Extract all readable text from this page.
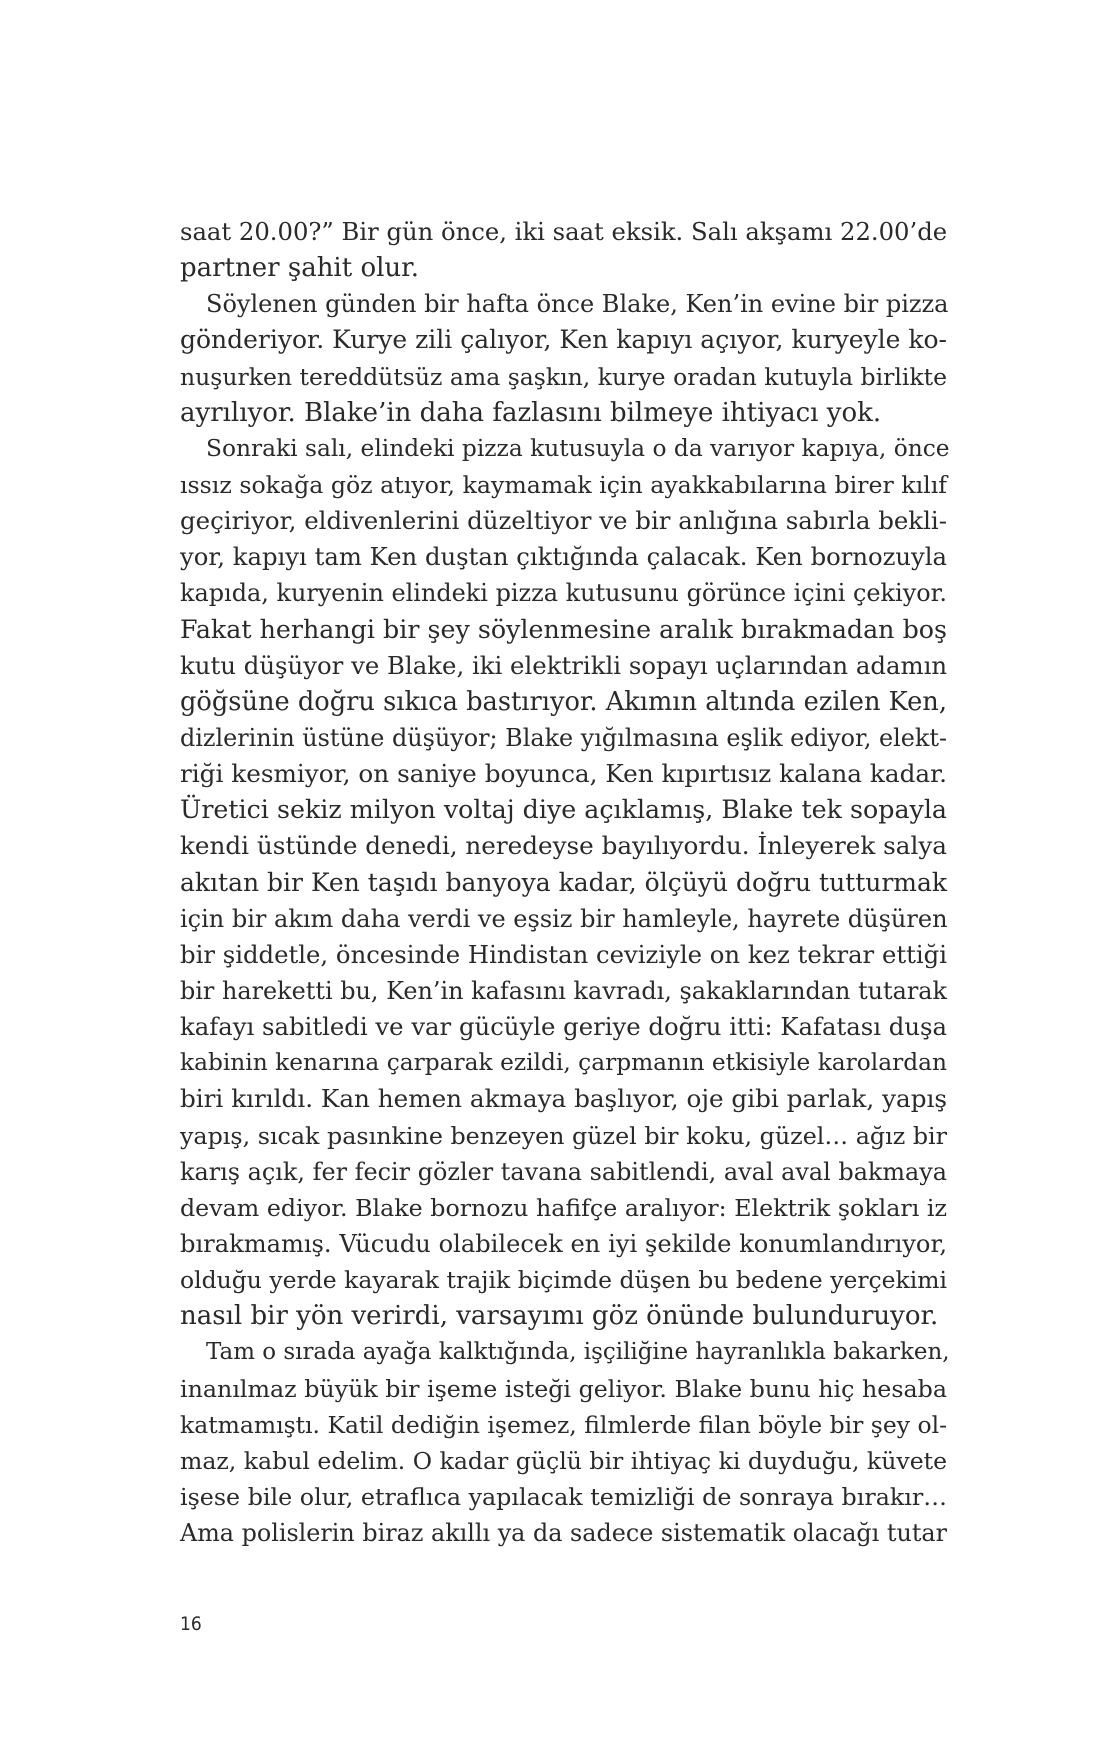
saat 20.00?” Bir gün önce, iki saat eksik. Salı akşamı 22.00’de
partner şahit olur.
Söylenen günden bir hafta önce Blake, Ken’in evine bir pizza
gönderiyor. Kurye zili çalıyor, Ken kapıyı açıyor, kuryeyle ko-
nuşurken tereddütsüz ama şaşkın, kurye oradan kutuyla birlikte
ayrılıyor. Blake’in daha fazlasını bilmeye ihtiyacı yok.
Sonraki salı, elindeki pizza kutusuyla o da varıyor kapıya, önce
ıssız sokağa göz atıyor, kaymamak için ayakkabılarına birer kılıf
geçiriyor, eldivenlerini düzeltiyor ve bir anlığına sabırla bekli-
yor, kapıyı tam Ken duştan çıktığında çalacak. Ken bornozuyla
kapıda, kuryenin elindeki pizza kutusunu görünce içini çekiyor.
Fakat herhangi bir şey söylenmesine aralık bırakmadan boş
kutu düşüyor ve Blake, iki elektrikli sopayı uçlarından adamın
göğsüne doğru sıkıca bastırıyor. Akımın altında ezilen Ken,
dizlerinin üstüne düşüyor; Blake yığılmasına eşlik ediyor, elekt-
riği kesmiyor, on saniye boyunca, Ken kıpırtısız kalana kadar.
Üretici sekiz milyon voltaj diye açıklamış, Blake tek sopayla
kendi üstünde denedi, neredeyse bayılıyordu. İnleyerek salya
akıtan bir Ken taşıdı banyoya kadar, ölçüyü doğru tutturmak
için bir akım daha verdi ve eşsiz bir hamleyle, hayrete düşüren
bir şiddetle, öncesinde Hindistan ceviziyle on kez tekrar ettiği
bir hareketti bu, Ken’in kafasını kavradı, şakaklarından tutarak
kafayı sabitledi ve var gücüyle geriye doğru itti: Kafatası duşa
kabinin kenarına çarparak ezildi, çarpmanın etkisiyle karolardan
biri kırıldı. Kan hemen akmaya başlıyor, oje gibi parlak, yapış
yapış, sıcak pasınkine benzeyen güzel bir koku, güzel… ağız bir
karış açık, fer fecir gözler tavana sabitlendi, aval aval bakmaya
devam ediyor. Blake bornozu hafifçe aralıyor: Elektrik şokları iz
bırakmamış. Vücudu olabilecek en iyi şekilde konumlandırıyor,
olduğu yerde kayarak trajik biçimde düşen bu bedene yerçekimi
nasıl bir yön verirdi, varsayımı göz önünde bulunduruyor.
Tam o sırada ayağa kalktığında, işçiliğine hayranlıkla bakarken,
inanılmaz büyük bir işeme isteği geliyor. Blake bunu hiç hesaba
katmamıştı. Katil dediğin işemez, filmlerde filan böyle bir şey ol-
maz, kabul edelim. O kadar güçlü bir ihtiyaç ki duyduğu, küvete
işese bile olur, etraflıca yapılacak temizliği de sonraya bırakır…
Ama polislerin biraz akıllı ya da sadece sistematik olacağı tutar
16
